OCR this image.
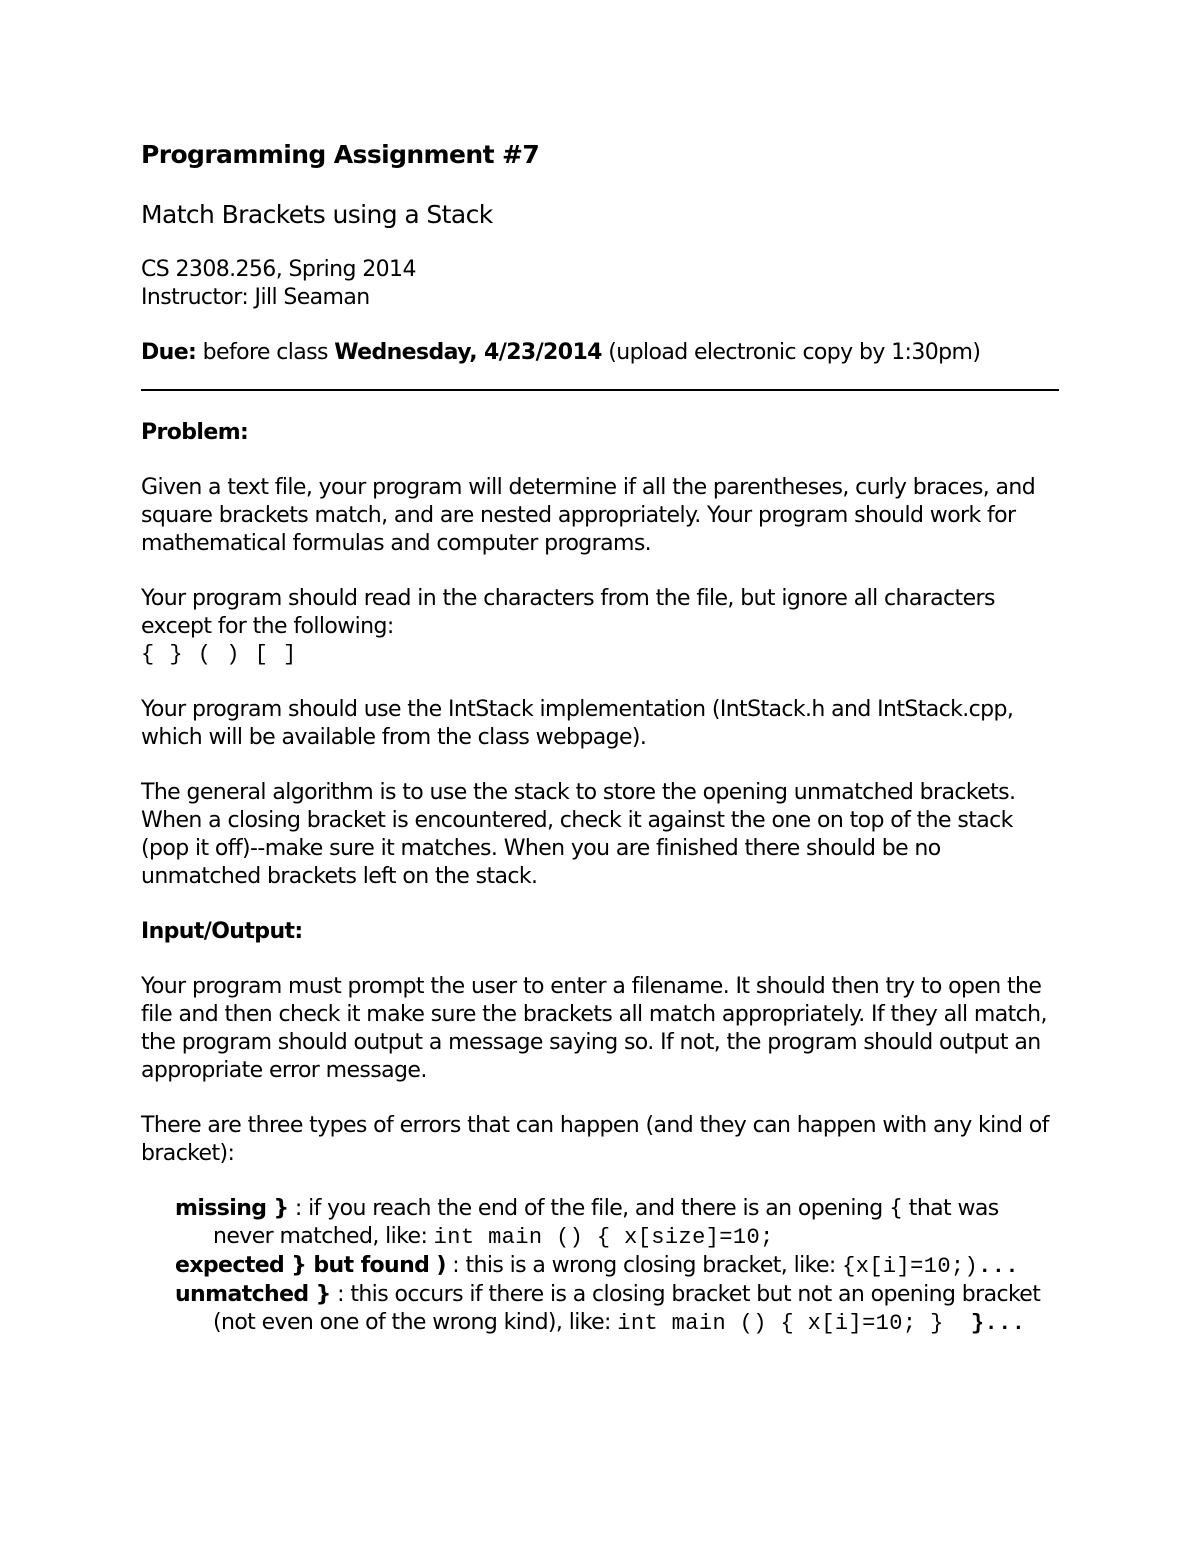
Programming Assignment #7
Match Brackets using a Stack

CS 2308.256, Spring 2014

Instructor: Jill Seaman

Due: before class Wednesday, 4/23/2014 (upload electronic copy by 1:30pm)

Problem:

Given a text file, your program will determine if all the parentheses, curly braces, and square brackets match, and are nested appropriately. Your program should work for mathematical formulas and computer programs.

Your program should read in the characters from the file, but ignore all characters except for the following:

{ } ( ) [ ]

Your program should use the IntStack implementation (IntStack.h and IntStack.cpp, which will be available from the class webpage).

The general algorithm is to use the stack to store the opening unmatched brackets. When a closing bracket is encountered, check it against the one on top of the stack (pop it off)--make sure it matches. When you are finished there should be no unmatched brackets left on the stack.

Input/Output:

Your program must prompt the user to enter a filename. It should then try to open the file and then check it make sure the brackets all match appropriately. If they all match, the program should output a message saying so. If not, the program should output an appropriate error message.

There are three types of errors that can happen (and they can happen with any kind of bracket):

missing } : if you reach the end of the file, and there is an opening { that was
never matched, like: int main () { x[size]=10;
expected } but found ) : this is a wrong closing bracket, like: {x[i]=10;)...
unmatched } : this occurs if there is a closing bracket but not an opening bracket
(not even one of the wrong kind), like: int main () { x[i]=10; }  }...
